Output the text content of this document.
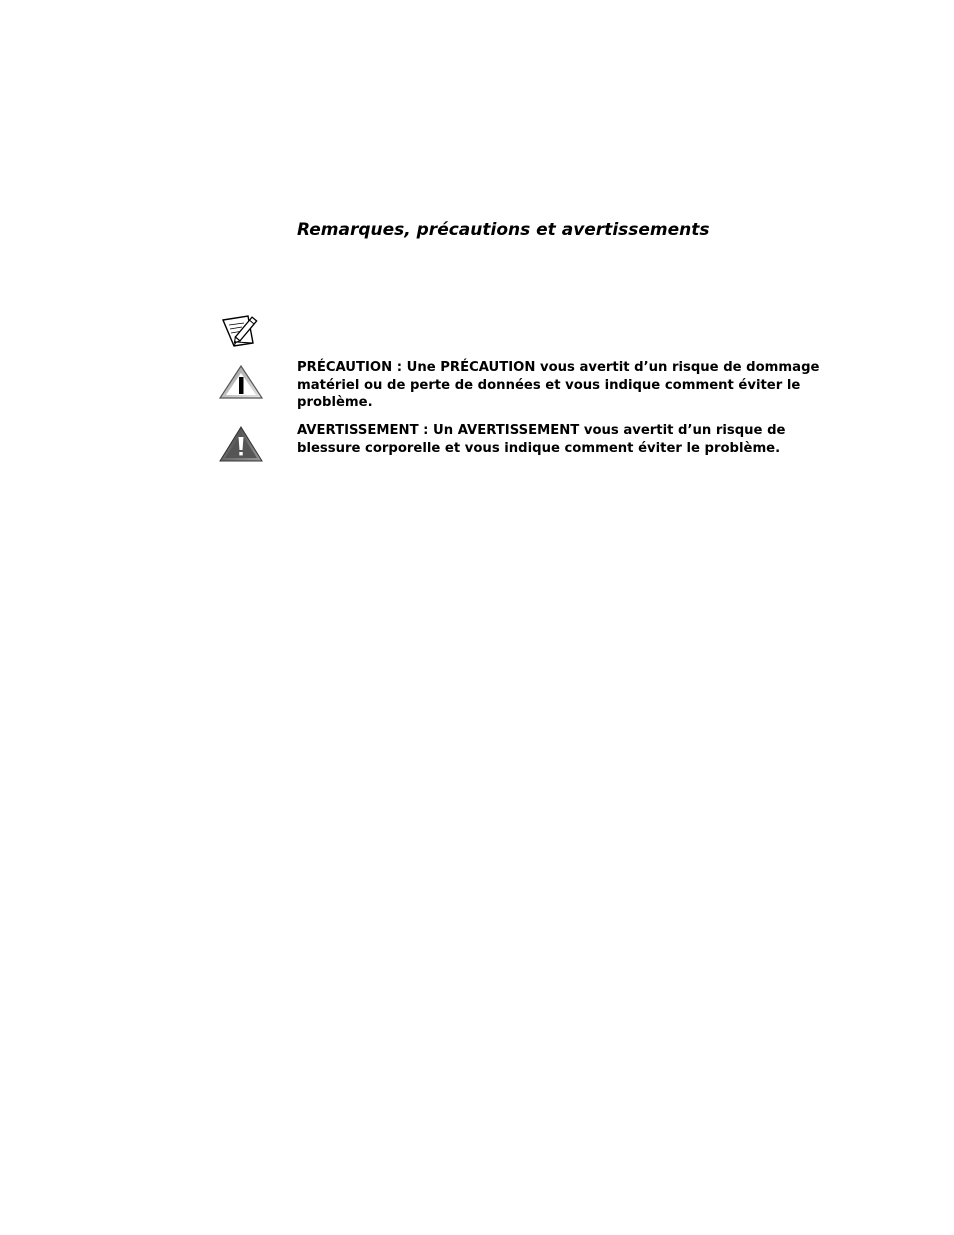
Remarques, précautions et avertissements
PRÉCAUTION : Une PRÉCAUTION vous avertit d’un risque de dommage matériel ou de perte de données et vous indique comment éviter le problème.
AVERTISSEMENT : Un AVERTISSEMENT vous avertit d’un risque de blessure corporelle et vous indique comment éviter le problème.
